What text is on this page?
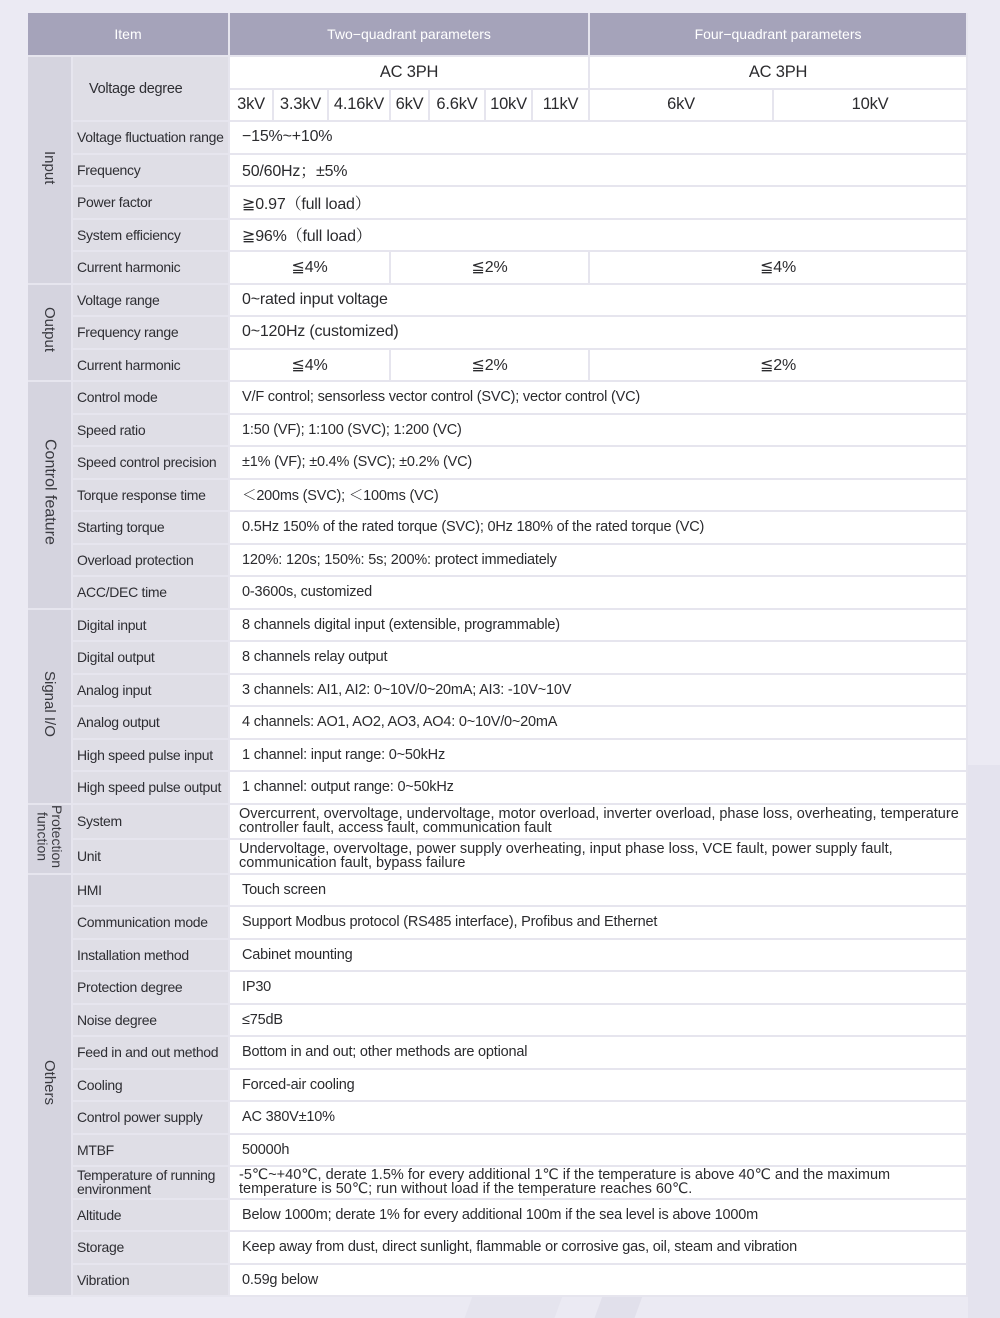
Item		Two−quadrant parameters							Four−quadrant parameters	
Input	Voltage degree	AC 3PH							AC 3PH	
		3kV	3.3kV	4.16kV	6kV	6.6kV	10kV	11kV	6kV	10kV
	Voltage fluctuation range	−15%~+10%								
	Frequency	50/60Hz；±5%								
	Power factor	≧0.97（full load）								
	System efficiency	≧96%（full load）								
	Current harmonic	≦4%			≦2%				≦4%	
Output	Voltage range	0~rated input voltage								
	Frequency range	0~120Hz (customized)								
	Current harmonic	≦4%			≦2%				≦2%	
Control feature	Control mode	V/F control; sensorless vector control (SVC); vector control (VC)								
	Speed ratio	1:50 (VF); 1:100 (SVC); 1:200 (VC)								
	Speed control precision	±1% (VF); ±0.4% (SVC); ±0.2% (VC)								
	Torque response time	＜200ms (SVC); ＜100ms (VC)								
	Starting torque	0.5Hz 150% of the rated torque (SVC); 0Hz 180% of the rated torque (VC)								
	Overload protection	120%: 120s; 150%: 5s; 200%: protect immediately								
	ACC/DEC time	0-3600s, customized								
Signal I/O	Digital input	8 channels digital input (extensible, programmable)								
	Digital output	8 channels relay output								
	Analog input	3 channels: AI1, AI2: 0~10V/0~20mA; AI3: -10V~10V								
	Analog output	4 channels: AO1, AO2, AO3, AO4: 0~10V/0~20mA								
	High speed pulse input	1 channel: input range: 0~50kHz								
	High speed pulse output	1 channel: output range: 0~50kHz								
Protection
function	System	Overcurrent, overvoltage, undervoltage, motor overload, inverter overload, phase loss, overheating, temperature controller fault, access fault, communication fault								
	Unit	Undervoltage, overvoltage, power supply overheating, input phase loss, VCE fault, power supply fault, communication fault, bypass failure								
Others	HMI	Touch screen								
	Communication mode	Support Modbus protocol (RS485 interface), Profibus and Ethernet								
	Installation method	Cabinet mounting								
	Protection degree	IP30								
	Noise degree	≤75dB								
	Feed in and out method	Bottom in and out; other methods are optional								
	Cooling	Forced-air cooling								
	Control power supply	AC 380V±10%								
	MTBF	50000h								
	Temperature of running environment	-5℃~+40℃, derate 1.5% for every additional 1℃ if the temperature is above 40℃ and the maximum temperature is 50℃; run without load if the temperature reaches 60℃.								
	Altitude	Below 1000m; derate 1% for every additional 100m if the sea level is above 1000m								
	Storage	Keep away from dust, direct sunlight, flammable or corrosive gas, oil, steam and vibration								
	Vibration	0.59g below								
